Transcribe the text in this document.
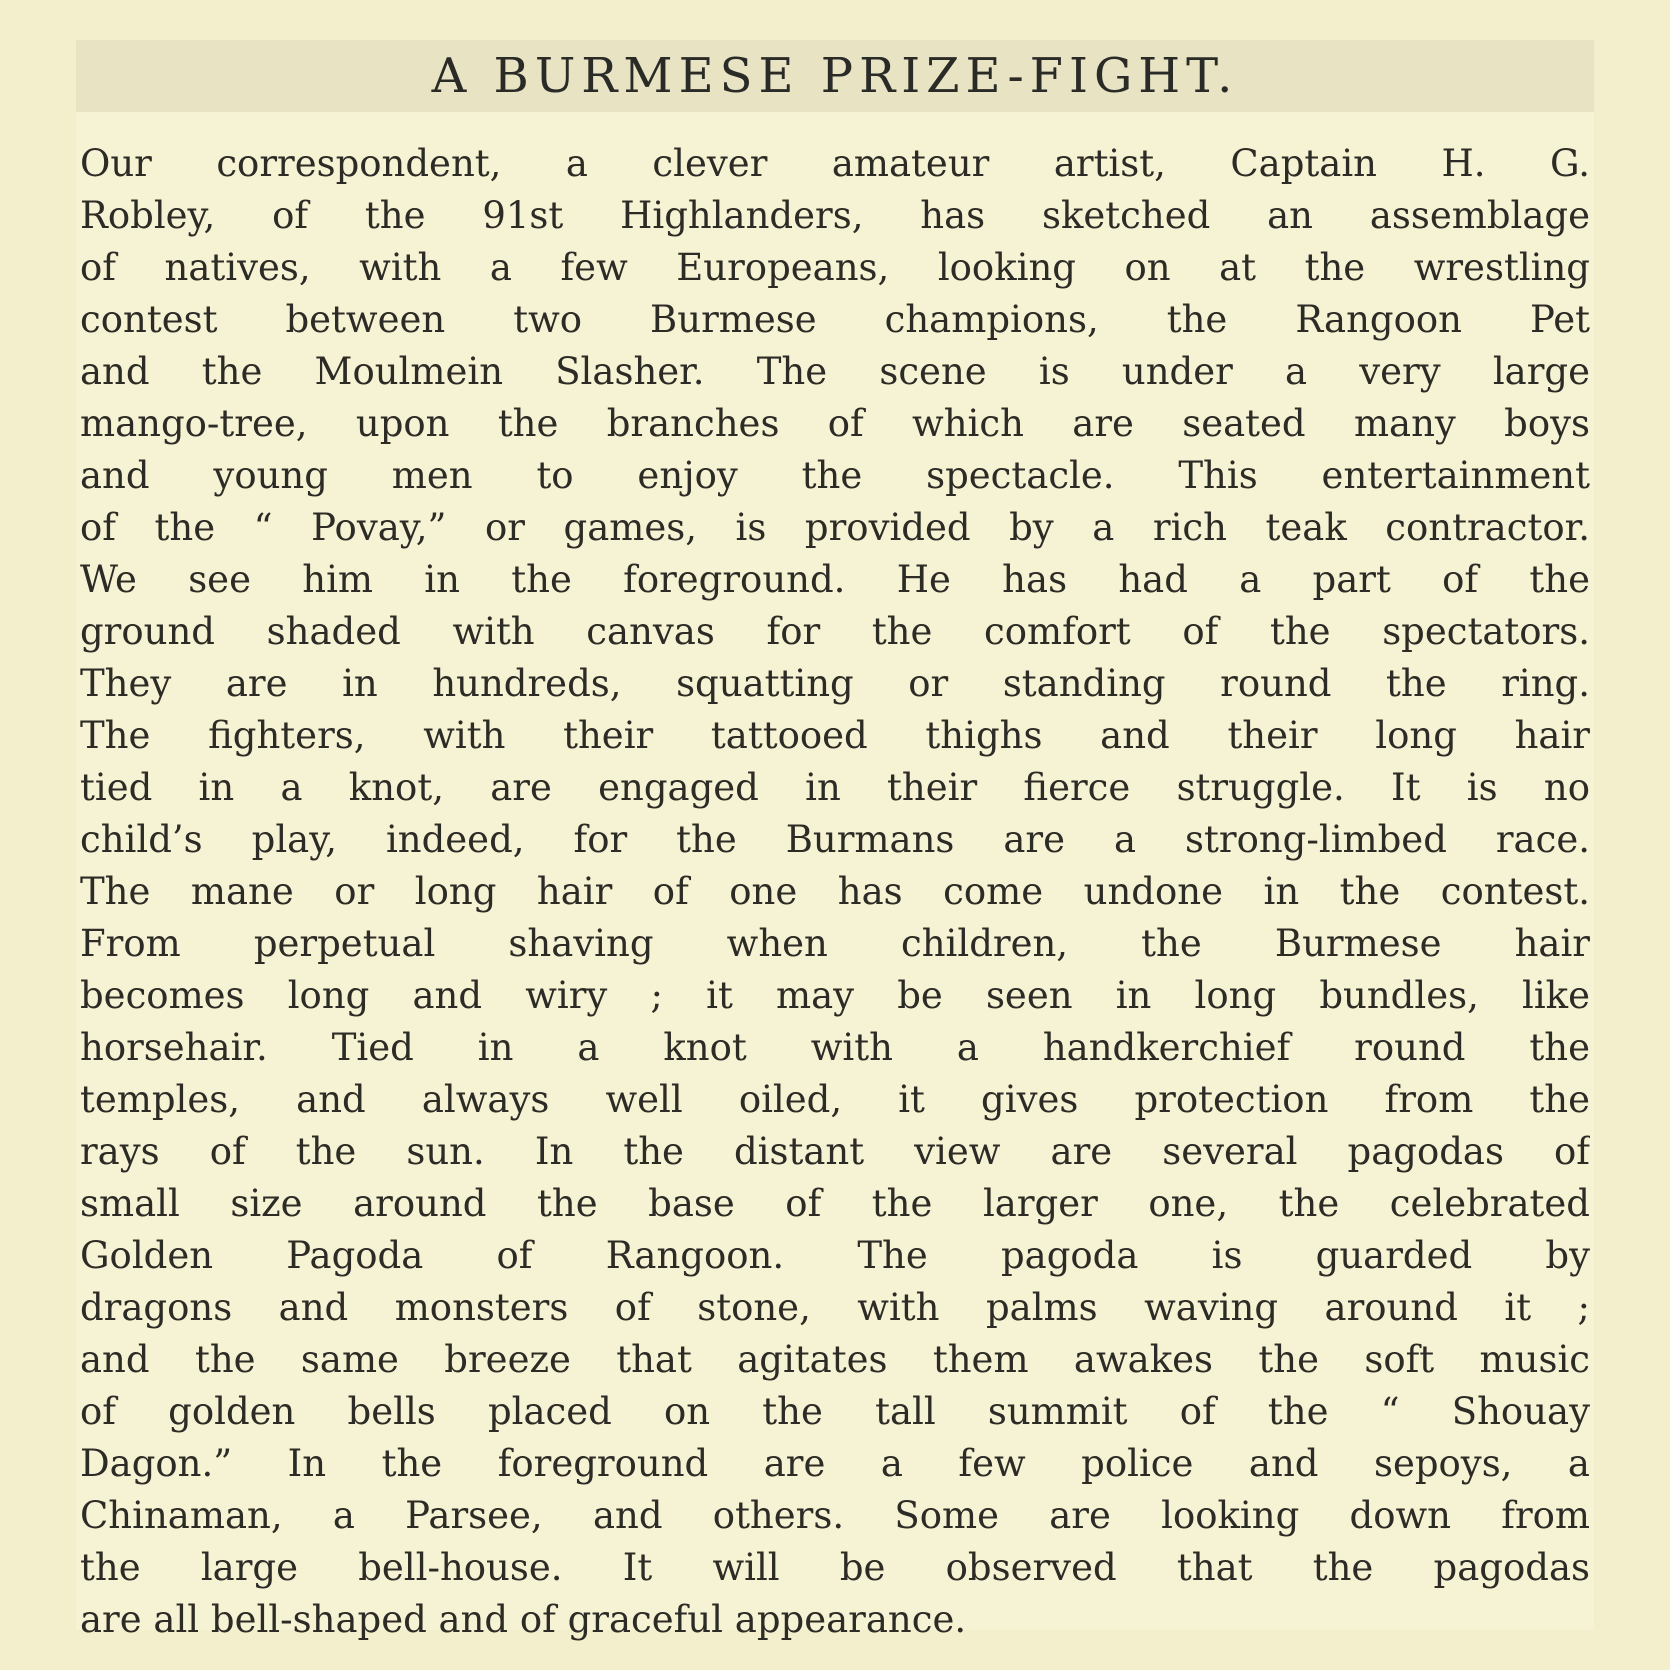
A BURMESE PRIZE-FIGHT.
Our correspondent, a clever amateur artist, Captain H. G.
Robley, of the 91st Highlanders, has sketched an assemblage
of natives, with a few Europeans, looking on at the wrestling
contest between two Burmese champions, the Rangoon Pet
and the Moulmein Slasher. The scene is under a very large
mango-tree, upon the branches of which are seated many boys
and young men to enjoy the spectacle. This entertainment
of the “ Povay,” or games, is provided by a rich teak contractor.
We see him in the foreground. He has had a part of the
ground shaded with canvas for the comfort of the spectators.
They are in hundreds, squatting or standing round the ring.
The fighters, with their tattooed thighs and their long hair
tied in a knot, are engaged in their fierce struggle. It is no
child’s play, indeed, for the Burmans are a strong-limbed race.
The mane or long hair of one has come undone in the contest.
From perpetual shaving when children, the Burmese hair
becomes long and wiry ; it may be seen in long bundles, like
horsehair. Tied in a knot with a handkerchief round the
temples, and always well oiled, it gives protection from the
rays of the sun. In the distant view are several pagodas of
small size around the base of the larger one, the celebrated
Golden Pagoda of Rangoon. The pagoda is guarded by
dragons and monsters of stone, with palms waving around it ;
and the same breeze that agitates them awakes the soft music
of golden bells placed on the tall summit of the “ Shouay
Dagon.” In the foreground are a few police and sepoys, a
Chinaman, a Parsee, and others. Some are looking down from
the large bell-house. It will be observed that the pagodas
are all bell-shaped and of graceful appearance.
